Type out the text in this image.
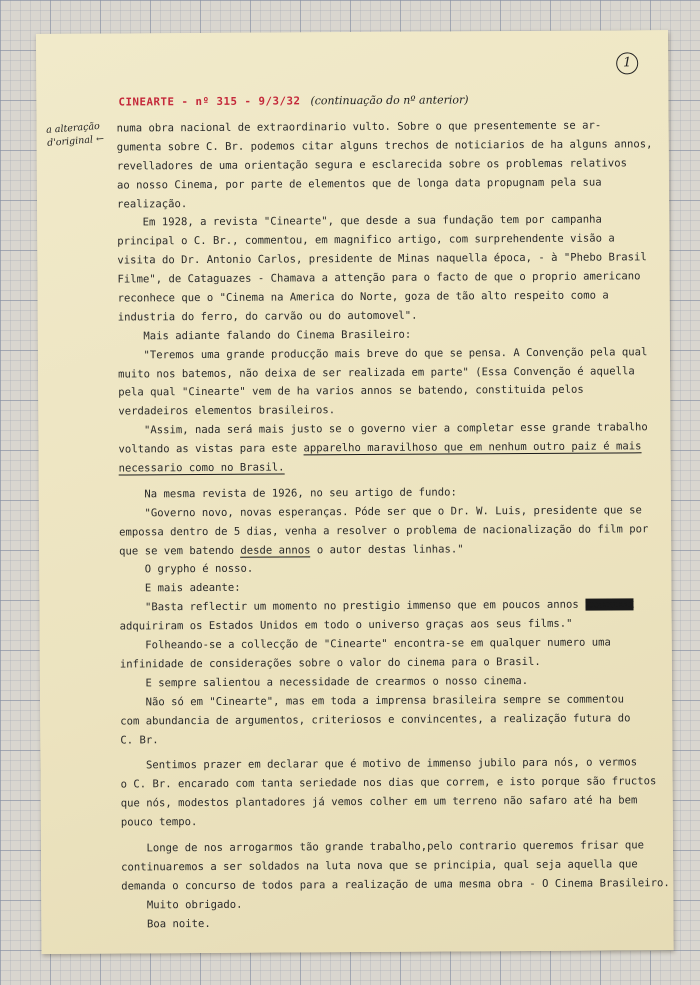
1
CINEARTE - nº 315 - 9/3/32 (continuação do nº anterior)
a alteração
d'original ←
numa obra nacional de extraordinario vulto. Sobre o que presentemente se ar-
gumenta sobre C. Br. podemos citar alguns trechos de noticiarios de ha alguns annos,
revelladores de uma orientação segura e esclarecida sobre os problemas relativos
ao nosso Cinema, por parte de elementos que de longa data propugnam pela sua
realização.
Em 1928, a revista "Cinearte", que desde a sua fundação tem por campanha
principal o C. Br., commentou, em magnifico artigo, com surprehendente visão a
visita do Dr. Antonio Carlos, presidente de Minas naquella época, - à "Phebo Brasil
Filme", de Cataguazes - Chamava a attenção para o facto de que o proprio americano
reconhece que o "Cinema na America do Norte, goza de tão alto respeito como a
industria do ferro, do carvão ou do automovel".
Mais adiante falando do Cinema Brasileiro:
"Teremos uma grande producção mais breve do que se pensa. A Convenção pela qual
muito nos batemos, não deixa de ser realizada em parte" (Essa Convenção é aquella
pela qual "Cinearte" vem de ha varios annos se batendo, constituida pelos
verdadeiros elementos brasileiros.
"Assim, nada será mais justo se o governo vier a completar esse grande trabalho
voltando as vistas para este apparelho maravilhoso que em nenhum outro paiz é mais
necessario como no Brasil.
Na mesma revista de 1926, no seu artigo de fundo:
"Governo novo, novas esperanças. Póde ser que o Dr. W. Luis, presidente que se
empossa dentro de 5 dias, venha a resolver o problema de nacionalização do film por
que se vem batendo desde annos o autor destas linhas."
O grypho é nosso.
E mais adeante:
"Basta reflectir um momento no prestigio immenso que em poucos annos xxxxxxxxx
adquiriram os Estados Unidos em todo o universo graças aos seus films."
Folheando-se a collecção de "Cinearte" encontra-se em qualquer numero uma
infinidade de considerações sobre o valor do cinema para o Brasil.
E sempre salientou a necessidade de crearmos o nosso cinema.
Não só em "Cinearte", mas em toda a imprensa brasileira sempre se commentou
com abundancia de argumentos, criteriosos e convincentes, a realização futura do
C. Br.
Sentimos prazer em declarar que é motivo de immenso jubilo para nós, o vermos
o C. Br. encarado com tanta seriedade nos dias que correm, e isto porque são fructos
que nós, modestos plantadores já vemos colher em um terreno não safaro até ha bem
pouco tempo.
Longe de nos arrogarmos tão grande trabalho,pelo contrario queremos frisar que
continuaremos a ser soldados na luta nova que se principia, qual seja aquella que
demanda o concurso de todos para a realização de uma mesma obra - O Cinema Brasileiro.
Muito obrigado.
Boa noite.
